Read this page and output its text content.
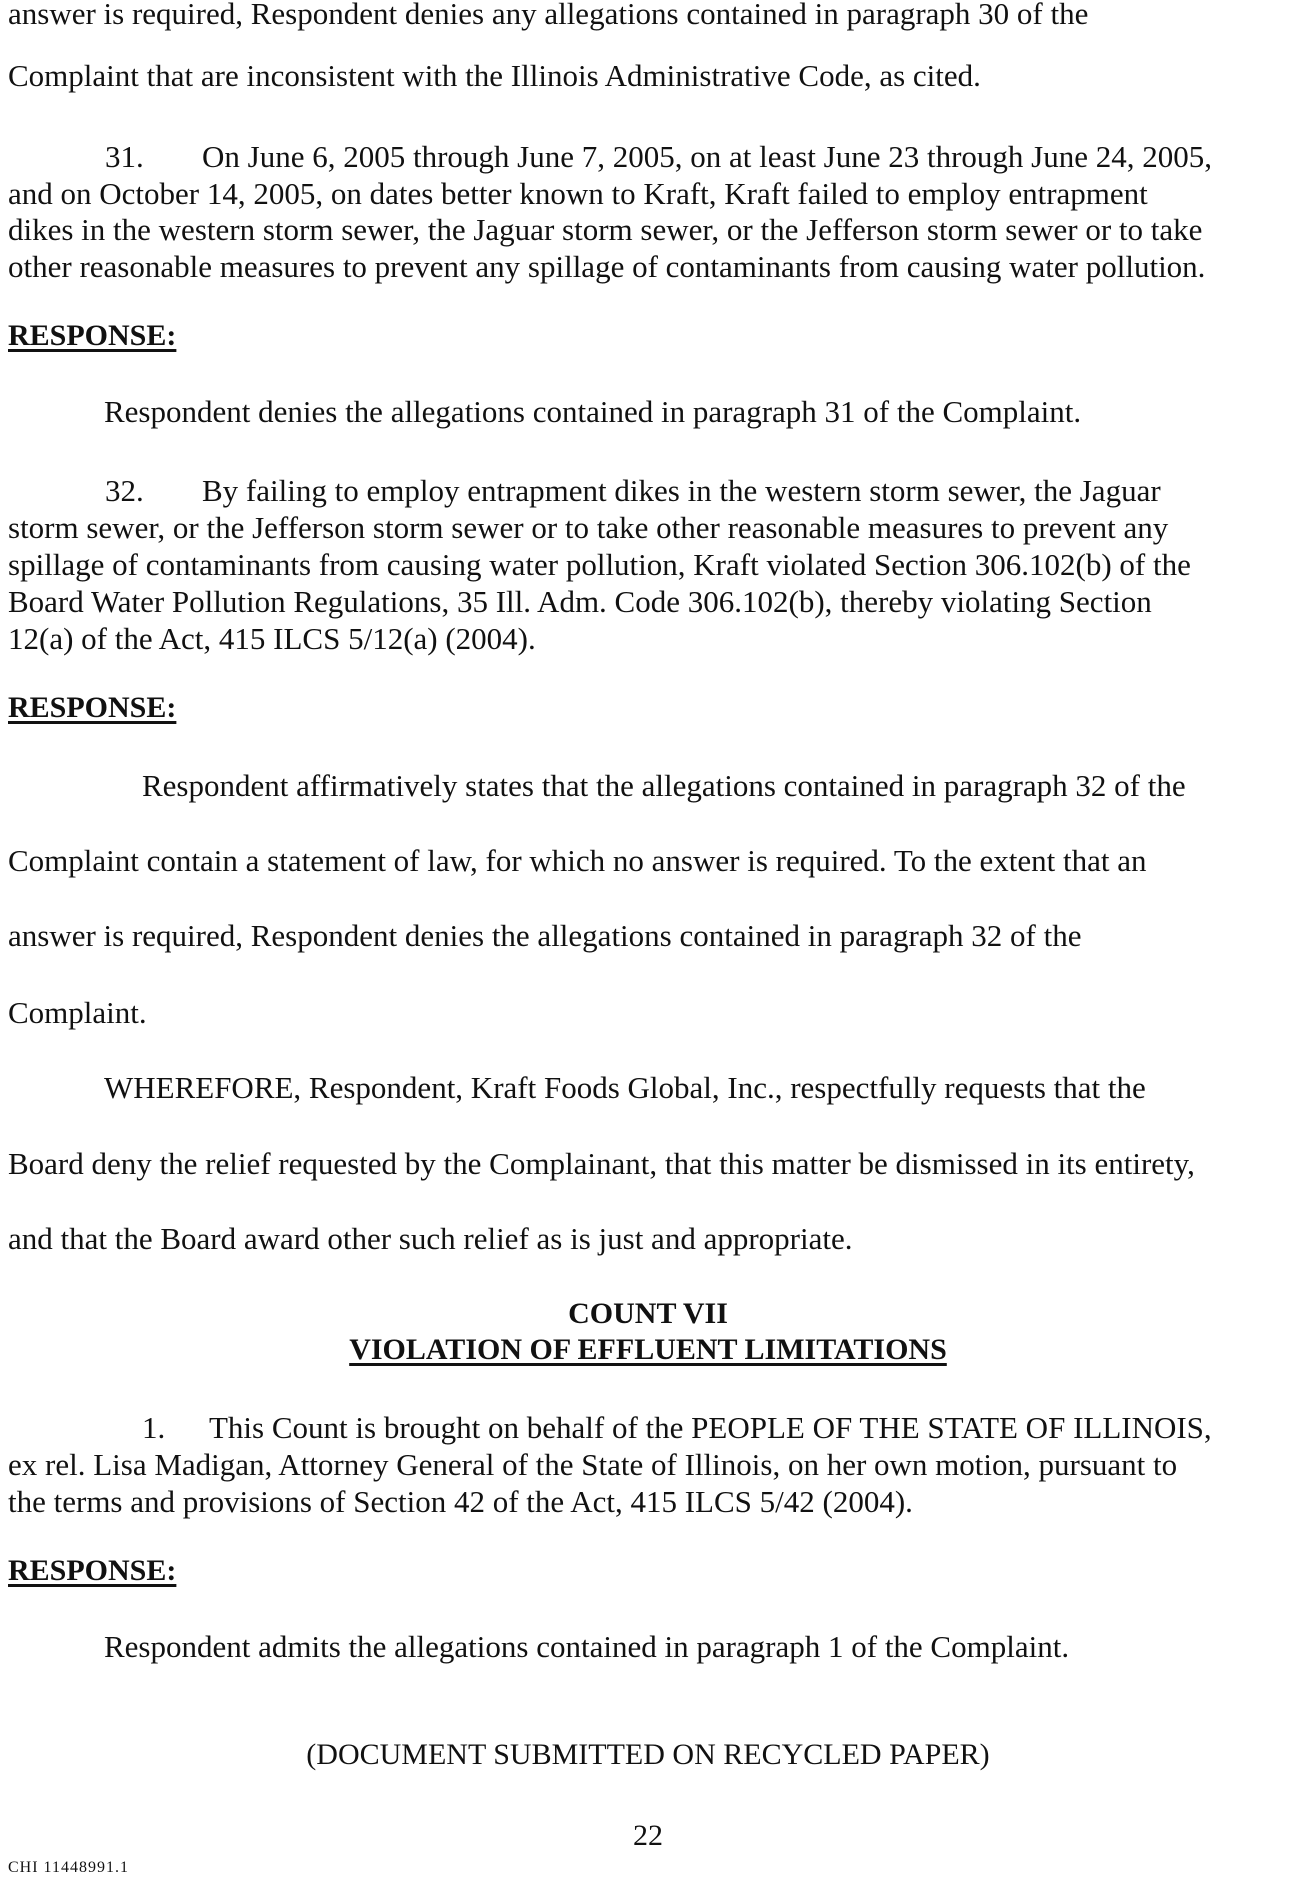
answer is required, Respondent denies any allegations contained in paragraph 30 of the
Complaint that are inconsistent with the Illinois Administrative Code, as cited.
31. On June 6, 2005 through June 7, 2005, on at least June 23 through June 24, 2005,
and on October 14, 2005, on dates better known to Kraft, Kraft failed to employ entrapment
dikes in the western storm sewer, the Jaguar storm sewer, or the Jefferson storm sewer or to take
other reasonable measures to prevent any spillage of contaminants from causing water pollution.
RESPONSE:
Respondent denies the allegations contained in paragraph 31 of the Complaint.
32. By failing to employ entrapment dikes in the western storm sewer, the Jaguar
storm sewer, or the Jefferson storm sewer or to take other reasonable measures to prevent any
spillage of contaminants from causing water pollution, Kraft violated Section 306.102(b) of the
Board Water Pollution Regulations, 35 Ill. Adm. Code 306.102(b), thereby violating Section
12(a) of the Act, 415 ILCS 5/12(a) (2004).
RESPONSE:
Respondent affirmatively states that the allegations contained in paragraph 32 of the
Complaint contain a statement of law, for which no answer is required. To the extent that an
answer is required, Respondent denies the allegations contained in paragraph 32 of the
Complaint.
WHEREFORE, Respondent, Kraft Foods Global, Inc., respectfully requests that the
Board deny the relief requested by the Complainant, that this matter be dismissed in its entirety,
and that the Board award other such relief as is just and appropriate.
COUNT VII
VIOLATION OF EFFLUENT LIMITATIONS
1. This Count is brought on behalf of the PEOPLE OF THE STATE OF ILLINOIS,
ex rel. Lisa Madigan, Attorney General of the State of Illinois, on her own motion, pursuant to
the terms and provisions of Section 42 of the Act, 415 ILCS 5/42 (2004).
RESPONSE:
Respondent admits the allegations contained in paragraph 1 of the Complaint.
(DOCUMENT SUBMITTED ON RECYCLED PAPER)
22
CHI 11448991.1
